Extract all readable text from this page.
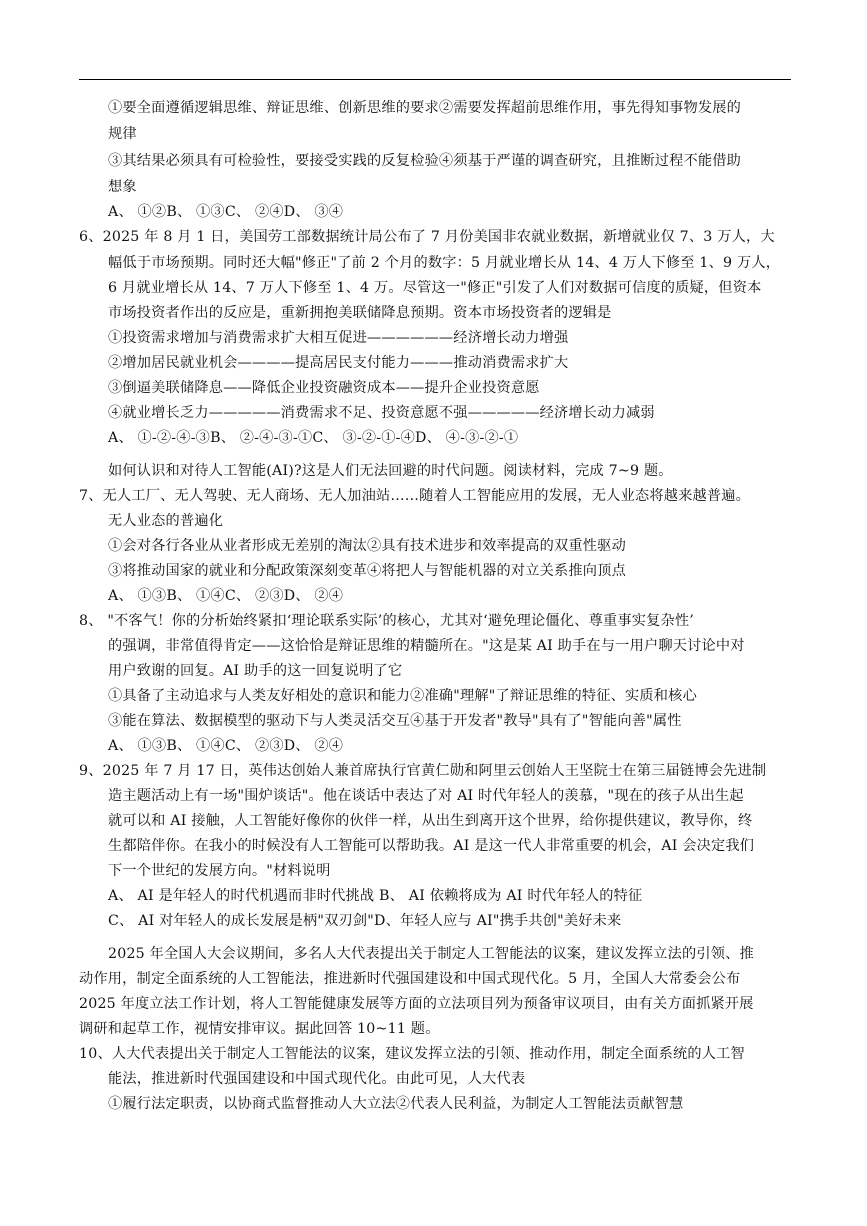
①要全面遵循逻辑思维、辩证思维、创新思维的要求②需要发挥超前思维作用，事先得知事物发展的
规律
③其结果必须具有可检验性，要接受实践的反复检验④须基于严谨的调查研究，且推断过程不能借助
想象
A、 ①②B、 ①③C、 ②④D、 ③④
6、2025 年 8 月 1 日，美国劳工部数据统计局公布了 7 月份美国非农就业数据，新增就业仅 7、3 万人，大
幅低于市场预期。同时还大幅"修正"了前 2 个月的数字：5 月就业增长从 14、4 万人下修至 1、9 万人，
6 月就业增长从 14、7 万人下修至 1、4 万。尽管这一"修正"引发了人们对数据可信度的质疑，但资本
市场投资者作出的反应是，重新拥抱美联储降息预期。资本市场投资者的逻辑是
①投资需求增加与消费需求扩大相互促进——————经济增长动力增强
②增加居民就业机会————提高居民支付能力———推动消费需求扩大
③倒逼美联储降息——降低企业投资融资成本——提升企业投资意愿
④就业增长乏力—————消费需求不足、投资意愿不强—————经济增长动力减弱
A、 ①-②-④-③B、 ②-④-③-①C、 ③-②-①-④D、 ④-③-②-①
如何认识和对待人工智能(AI)?这是人们无法回避的时代问题。阅读材料，完成 7~9 题。
7、无人工厂、无人驾驶、无人商场、无人加油站……随着人工智能应用的发展，无人业态将越来越普遍。
无人业态的普遍化
①会对各行各业从业者形成无差别的淘汰②具有技术进步和效率提高的双重性驱动
③将推动国家的就业和分配政策深刻变革④将把人与智能机器的对立关系推向顶点
A、 ①③B、 ①④C、 ②③D、 ②④
8、 "不客气！你的分析始终紧扣‘理论联系实际’的核心，尤其对‘避免理论僵化、尊重事实复杂性’
的强调，非常值得肯定——这恰恰是辩证思维的精髓所在。"这是某 AI 助手在与一用户聊天讨论中对
用户致谢的回复。AI 助手的这一回复说明了它
①具备了主动追求与人类友好相处的意识和能力②准确"理解"了辩证思维的特征、实质和核心
③能在算法、数据模型的驱动下与人类灵活交互④基于开发者"教导"具有了"智能向善"属性
A、 ①③B、 ①④C、 ②③D、 ②④
9、2025 年 7 月 17 日，英伟达创始人兼首席执行官黄仁勋和阿里云创始人王坚院士在第三届链博会先进制
造主题活动上有一场"围炉谈话"。他在谈话中表达了对 AI 时代年轻人的羡慕，"现在的孩子从出生起
就可以和 AI 接触，人工智能好像你的伙伴一样，从出生到离开这个世界，给你提供建议，教导你，终
生都陪伴你。在我小的时候没有人工智能可以帮助我。AI 是这一代人非常重要的机会，AI 会决定我们
下一个世纪的发展方向。"材料说明
A、 AI 是年轻人的时代机遇而非时代挑战 B、 AI 依赖将成为 AI 时代年轻人的特征
C、 AI 对年轻人的成长发展是柄"双刃剑"D、年轻人应与 AI"携手共创"美好未来
2025 年全国人大会议期间，多名人大代表提出关于制定人工智能法的议案，建议发挥立法的引领、推
动作用，制定全面系统的人工智能法，推进新时代强国建设和中国式现代化。5 月，全国人大常委会公布
2025 年度立法工作计划，将人工智能健康发展等方面的立法项目列为预备审议项目，由有关方面抓紧开展
调研和起草工作，视情安排审议。据此回答 10~11 题。
10、人大代表提出关于制定人工智能法的议案，建议发挥立法的引领、推动作用，制定全面系统的人工智
能法，推进新时代强国建设和中国式现代化。由此可见，人大代表
①履行法定职责，以协商式监督推动人大立法②代表人民利益，为制定人工智能法贡献智慧
